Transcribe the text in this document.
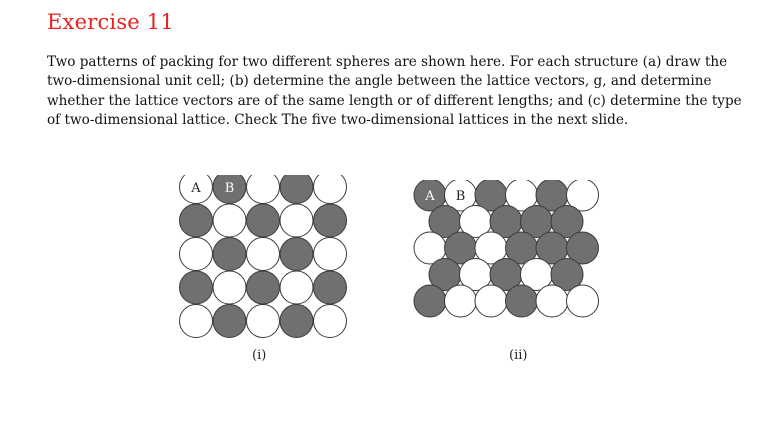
Exercise 11
Two patterns of packing for two different spheres are shown here. For each structure (a) draw the two-dimensional unit cell; (b) determine the angle between the lattice vectors, g, and determine whether the lattice vectors are of the same length or of different lengths; and (c) determine the type of two-dimensional lattice. Check The five two-dimensional lattices in the next slide.
A B
(i)
A B
(ii)
